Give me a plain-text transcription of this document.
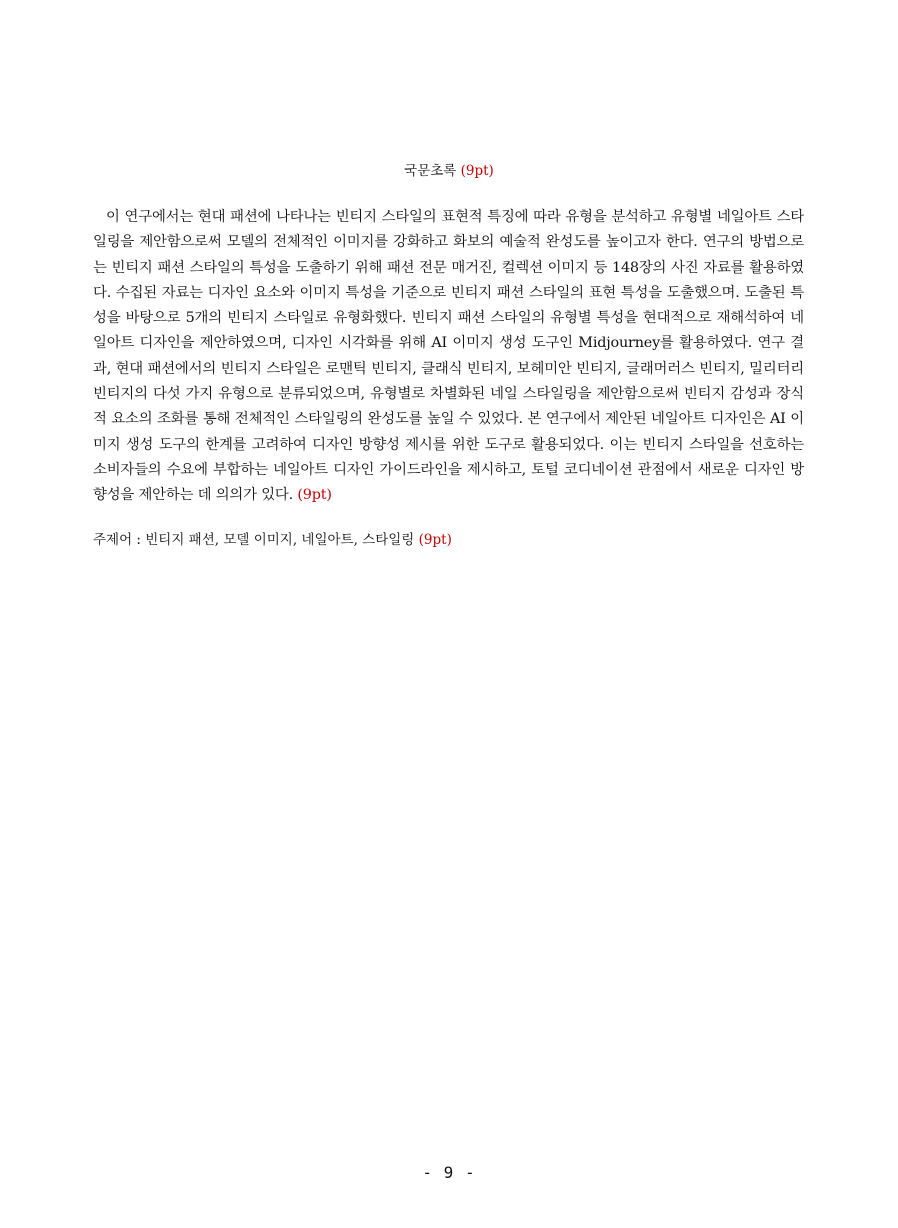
국문초록 (9pt)

이 연구에서는 현대 패션에 나타나는 빈티지 스타일의 표현적 특징에 따라 유형을 분석하고 유형별 네일아트 스타일링을 제안함으로써 모델의 전체적인 이미지를 강화하고 화보의 예술적 완성도를 높이고자 한다. 연구의 방법으로는 빈티지 패션 스타일의 특성을 도출하기 위해 패션 전문 매거진, 컬렉션 이미지 등 148장의 사진 자료를 활용하였다. 수집된 자료는 디자인 요소와 이미지 특성을 기준으로 빈티지 패션 스타일의 표현 특성을 도출했으며. 도출된 특성을 바탕으로 5개의 빈티지 스타일로 유형화했다. 빈티지 패션 스타일의 유형별 특성을 현대적으로 재해석하여 네일아트 디자인을 제안하였으며, 디자인 시각화를 위해 AI 이미지 생성 도구인 Midjourney를 활용하였다. 연구 결과, 현대 패션에서의 빈티지 스타일은 로맨틱 빈티지, 클래식 빈티지, 보헤미안 빈티지, 글래머러스 빈티지, 밀리터리 빈티지의 다섯 가지 유형으로 분류되었으며, 유형별로 차별화된 네일 스타일링을 제안함으로써 빈티지 감성과 장식적 요소의 조화를 통해 전체적인 스타일링의 완성도를 높일 수 있었다. 본 연구에서 제안된 네일아트 디자인은 AI 이미지 생성 도구의 한계를 고려하여 디자인 방향성 제시를 위한 도구로 활용되었다. 이는 빈티지 스타일을 선호하는 소비자들의 수요에 부합하는 네일아트 디자인 가이드라인을 제시하고, 토털 코디네이션 관점에서 새로운 디자인 방향성을 제안하는 데 의의가 있다. (9pt)

주제어 : 빈티지 패션, 모델 이미지, 네일아트, 스타일링 (9pt)
- 9 -
